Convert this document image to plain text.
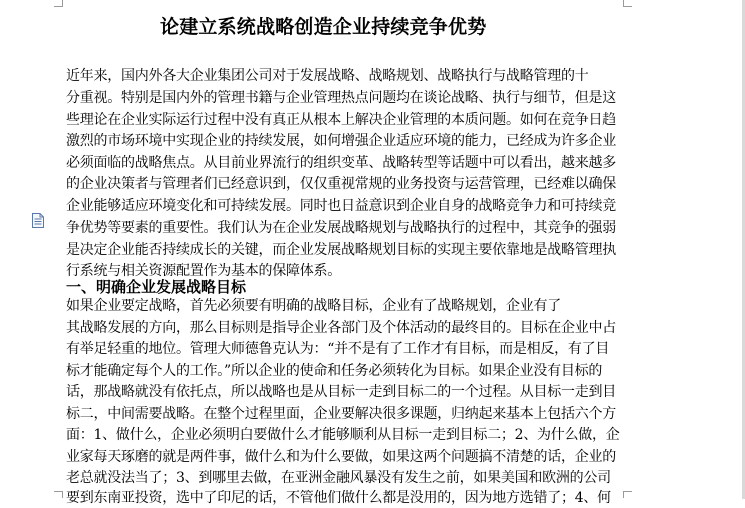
论建立系统战略创造企业持续竞争优势
近年来，国内外各大企业集团公司对于发展战略、战略规划、战略执行与战略管理的十
分重视。特别是国内外的管理书籍与企业管理热点问题均在谈论战略、执行与细节，但是这
些理论在企业实际运行过程中没有真正从根本上解决企业管理的本质问题。如何在竞争日趋
激烈的市场环境中实现企业的持续发展，如何增强企业适应环境的能力，已经成为许多企业
必须面临的战略焦点。从目前业界流行的组织变革、战略转型等话题中可以看出，越来越多
的企业决策者与管理者们已经意识到，仅仅重视常规的业务投资与运营管理，已经难以确保
企业能够适应环境变化和可持续发展。同时也日益意识到企业自身的战略竞争力和可持续竞
争优势等要素的重要性。我们认为在企业发展战略规划与战略执行的过程中，其竞争的强弱
是决定企业能否持续成长的关键，而企业发展战略规划目标的实现主要依靠地是战略管理执
行系统与相关资源配置作为基本的保障体系。
一、明确企业发展战略目标
如果企业要定战略，首先必须要有明确的战略目标，企业有了战略规划，企业有了
其战略发展的方向，那么目标则是指导企业各部门及个体活动的最终目的。目标在企业中占
有举足轻重的地位。管理大师德鲁克认为：“并不是有了工作才有目标，而是相反，有了目
标才能确定每个人的工作。”所以企业的使命和任务必须转化为目标。如果企业没有目标的
话，那战略就没有依托点，所以战略也是从目标一走到目标二的一个过程。从目标一走到目
标二，中间需要战略。在整个过程里面，企业要解决很多课题，归纳起来基本上包括六个方
面：1、做什么，企业必须明白要做什么才能够顺利从目标一走到目标二；2、为什么做，企
业家每天琢磨的就是两件事，做什么和为什么要做，如果这两个问题搞不清楚的话，企业的
老总就没法当了；3、到哪里去做，在亚洲金融风暴没有发生之前，如果美国和欧洲的公司
要到东南亚投资，选中了印尼的话，不管他们做什么都是没用的，因为地方选错了；4、何
